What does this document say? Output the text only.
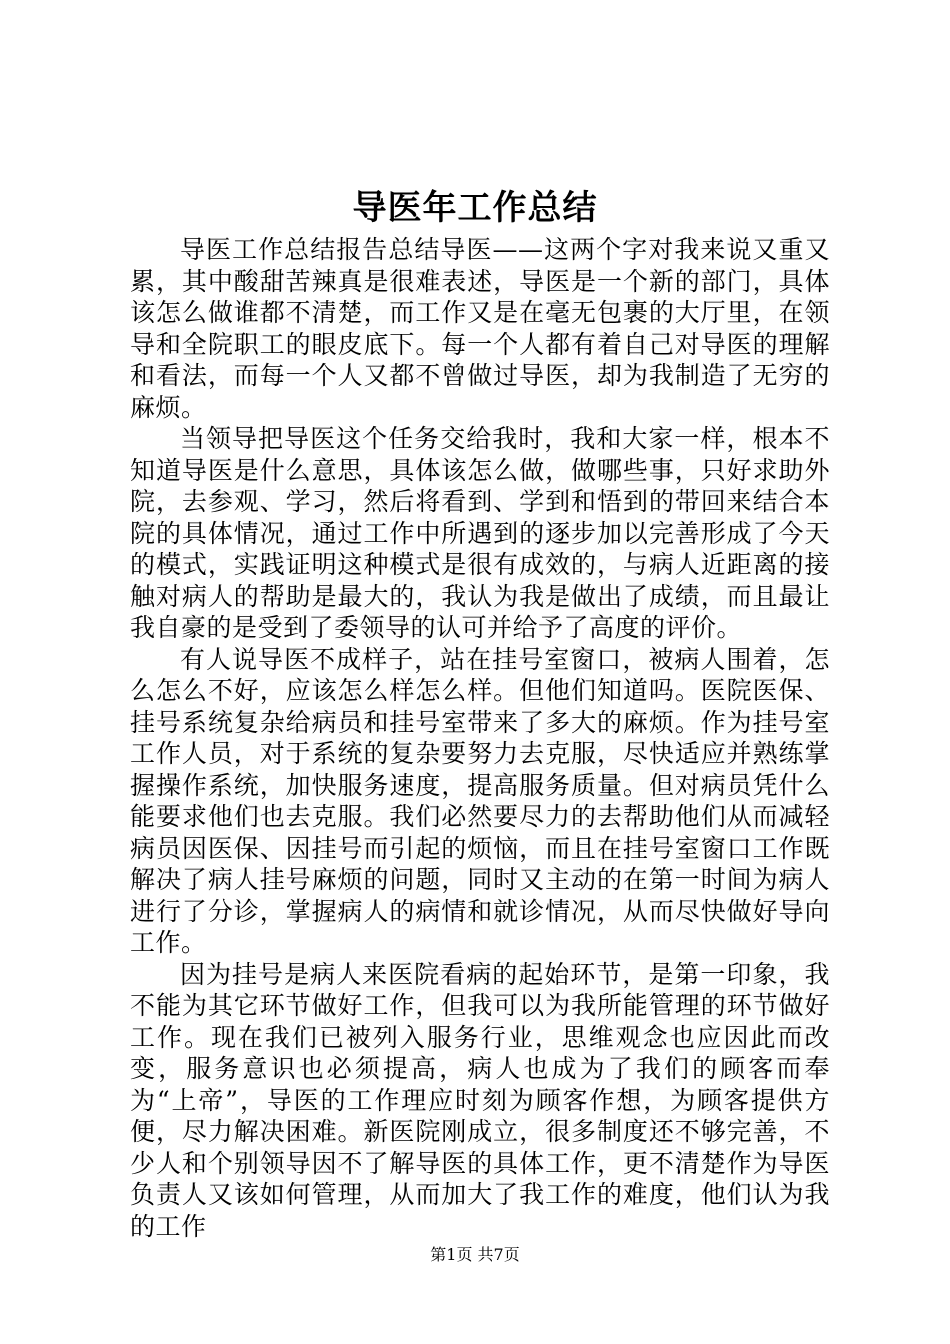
导医年工作总结

导医工作总结报告总结导医——这两个字对我来说又重又累，其中酸甜苦辣真是很难表述，导医是一个新的部门，具体该怎么做谁都不清楚，而工作又是在毫无包裹的大厅里，在领导和全院职工的眼皮底下。每一个人都有着自己对导医的理解和看法，而每一个人又都不曾做过导医，却为我制造了无穷的麻烦。

当领导把导医这个任务交给我时，我和大家一样，根本不知道导医是什么意思，具体该怎么做，做哪些事，只好求助外院，去参观、学习，然后将看到、学到和悟到的带回来结合本院的具体情况，通过工作中所遇到的逐步加以完善形成了今天的模式，实践证明这种模式是很有成效的，与病人近距离的接触对病人的帮助是最大的，我认为我是做出了成绩，而且最让我自豪的是受到了委领导的认可并给予了高度的评价。

有人说导医不成样子，站在挂号室窗口，被病人围着，怎么怎么不好，应该怎么样怎么样。但他们知道吗。医院医保、挂号系统复杂给病员和挂号室带来了多大的麻烦。作为挂号室工作人员，对于系统的复杂要努力去克服，尽快适应并熟练掌握操作系统，加快服务速度，提高服务质量。但对病员凭什么能要求他们也去克服。我们必然要尽力的去帮助他们从而减轻病员因医保、因挂号而引起的烦恼，而且在挂号室窗口工作既解决了病人挂号麻烦的问题，同时又主动的在第一时间为病人进行了分诊，掌握病人的病情和就诊情况，从而尽快做好导向工作。

因为挂号是病人来医院看病的起始环节，是第一印象，我不能为其它环节做好工作，但我可以为我所能管理的环节做好工作。现在我们已被列入服务行业，思维观念也应因此而改变，服务意识也必须提高，病人也成为了我们的顾客而奉为“上帝”，导医的工作理应时刻为顾客作想，为顾客提供方便，尽力解决困难。新医院刚成立，很多制度还不够完善，不少人和个别领导因不了解导医的具体工作，更不清楚作为导医负责人又该如何管理，从而加大了我工作的难度，他们认为我的工作

第1页 共7页
